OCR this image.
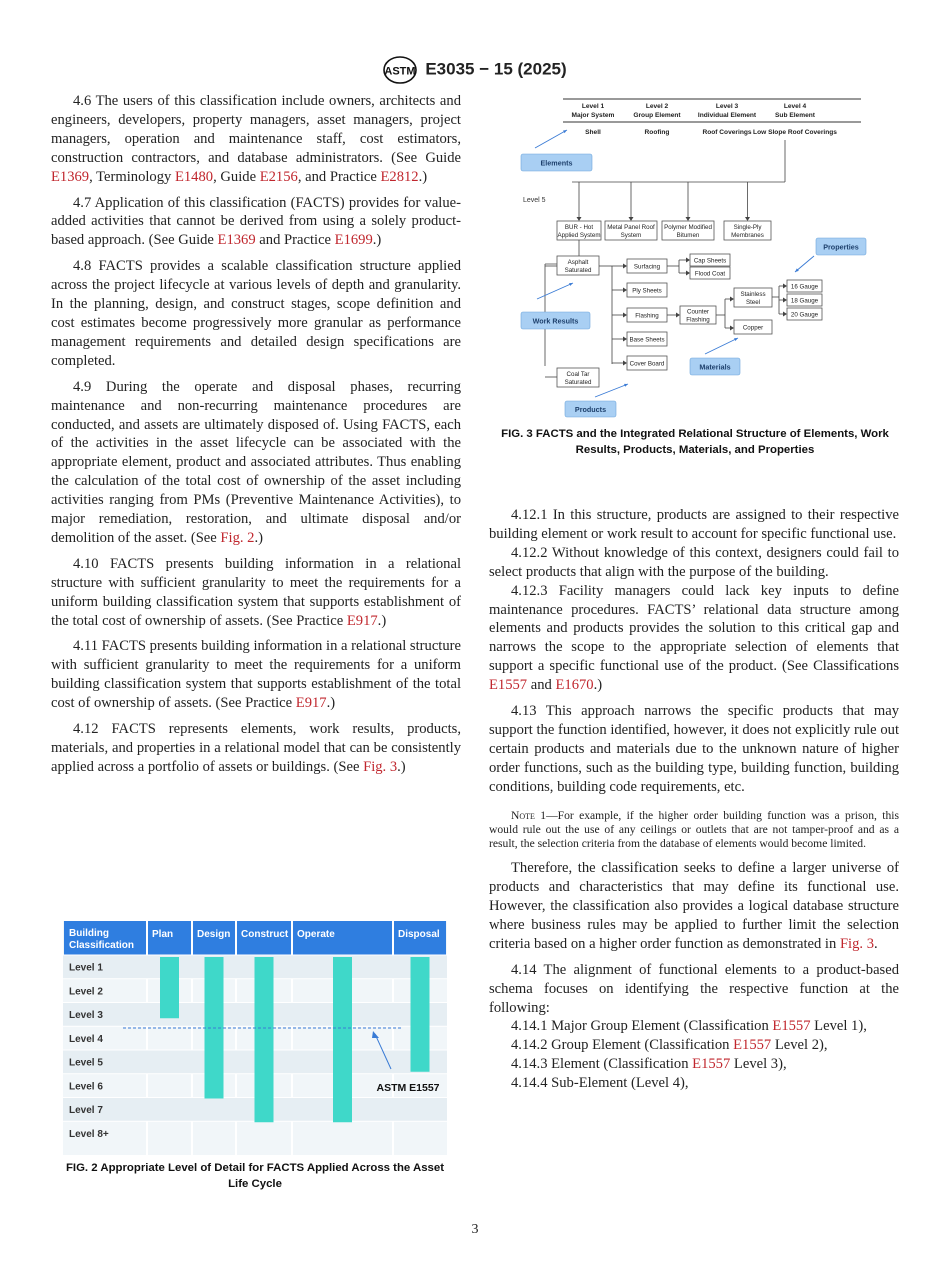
ASTM E3035 − 15 (2025)

4.6 The users of this classification include owners, architects and engineers, developers, property managers, asset managers, project managers, operation and maintenance staff, cost estimators, construction contractors, and database administrators. (See Guide E1369, Terminology E1480, Guide E2156, and Practice E2812.)

4.7 Application of this classification (FACTS) provides for value-added activities that cannot be derived from using a solely product-based approach. (See Guide E1369 and Practice E1699.)

4.8 FACTS provides a scalable classification structure applied across the project lifecycle at various levels of depth and granularity. In the planning, design, and construct stages, scope definition and cost estimates become progressively more granular as performance management requirements and detailed design specifications are completed.

4.9 During the operate and disposal phases, recurring maintenance and non-recurring maintenance procedures are conducted, and assets are ultimately disposed of. Using FACTS, each of the activities in the asset lifecycle can be associated with the appropriate element, product and associated attributes. Thus enabling the calculation of the total cost of ownership of the asset including activities ranging from PMs (Preventive Maintenance Activities), to major remediation, restoration, and ultimate disposal and/or demolition of the asset. (See Fig. 2.)

4.10 FACTS presents building information in a relational structure with sufficient granularity to meet the requirements for a uniform building classification system that supports establishment of the total cost of ownership of assets. (See Practice E917.)

4.11 FACTS presents building information in a relational structure with sufficient granularity to meet the requirements for a uniform building classification system that supports establishment of the total cost of ownership of assets. (See Practice E917.)

4.12 FACTS represents elements, work results, products, materials, and properties in a relational model that can be consistently applied across a portfolio of assets or buildings. (See Fig. 3.)

Building
Classification
Plan Design Construct Operate	Disposal
Level 1
Level 2
Level 3
Level 4
Level 5
Level 6
Level 7
Level 8+
ASTM E1557
FIG. 2 Appropriate Level of Detail for FACTS Applied Across the Asset Life Cycle
Level 1
Major System
Shell
Level 2
Group Element
Roofing
Level 3
Individual Element
Roof Coverings
Level 4
Sub Element
Low Slope Roof Coverings
Elements
Level 5
BUR - Hot
Applied System
Metal Panel Roof
System
Polymer Modified
Bitumen
Single-Ply
Membranes
Asphalt
Saturated
Coal Tar
Saturated
Surfacing
Ply Sheets
Flashing
Base Sheets
Cover Board
Cap Sheets
Flood Coat
Counter
Flashing
Stainless
Steel
Copper
16 Gauge
18 Gauge
20 Gauge
Properties
Work Results
Materials
Products
FIG. 3 FACTS and the Integrated Relational Structure of Elements, Work Results, Products, Materials, and Properties

4.12.1 In this structure, products are assigned to their respective building element or work result to account for specific functional use.

4.12.2 Without knowledge of this context, designers could fail to select products that align with the purpose of the building.

4.12.3 Facility managers could lack key inputs to define maintenance procedures. FACTS’ relational data structure among elements and products provides the solution to this critical gap and narrows the scope to the appropriate selection of elements that support a specific functional use of the product. (See Classifications E1557 and E1670.)

4.13 This approach narrows the specific products that may support the function identified, however, it does not explicitly rule out certain products and materials due to the unknown nature of higher order functions, such as the building type, building function, building conditions, building code requirements, etc.

Note 1—For example, if the higher order building function was a prison, this would rule out the use of any ceilings or outlets that are not tamper-proof and as a result, the selection criteria from the database of elements would become limited.

Therefore, the classification seeks to define a larger universe of products and characteristics that may define its functional use. However, the classification also provides a logical database structure where business rules may be applied to further limit the selection criteria based on a higher order function as demonstrated in Fig. 3.

4.14 The alignment of functional elements to a product-based schema focuses on identifying the respective function at the following:

4.14.1 Major Group Element (Classification E1557 Level 1),

4.14.2 Group Element (Classification E1557 Level 2),

4.14.3 Element (Classification E1557 Level 3),

4.14.4 Sub-Element (Level 4),

3
